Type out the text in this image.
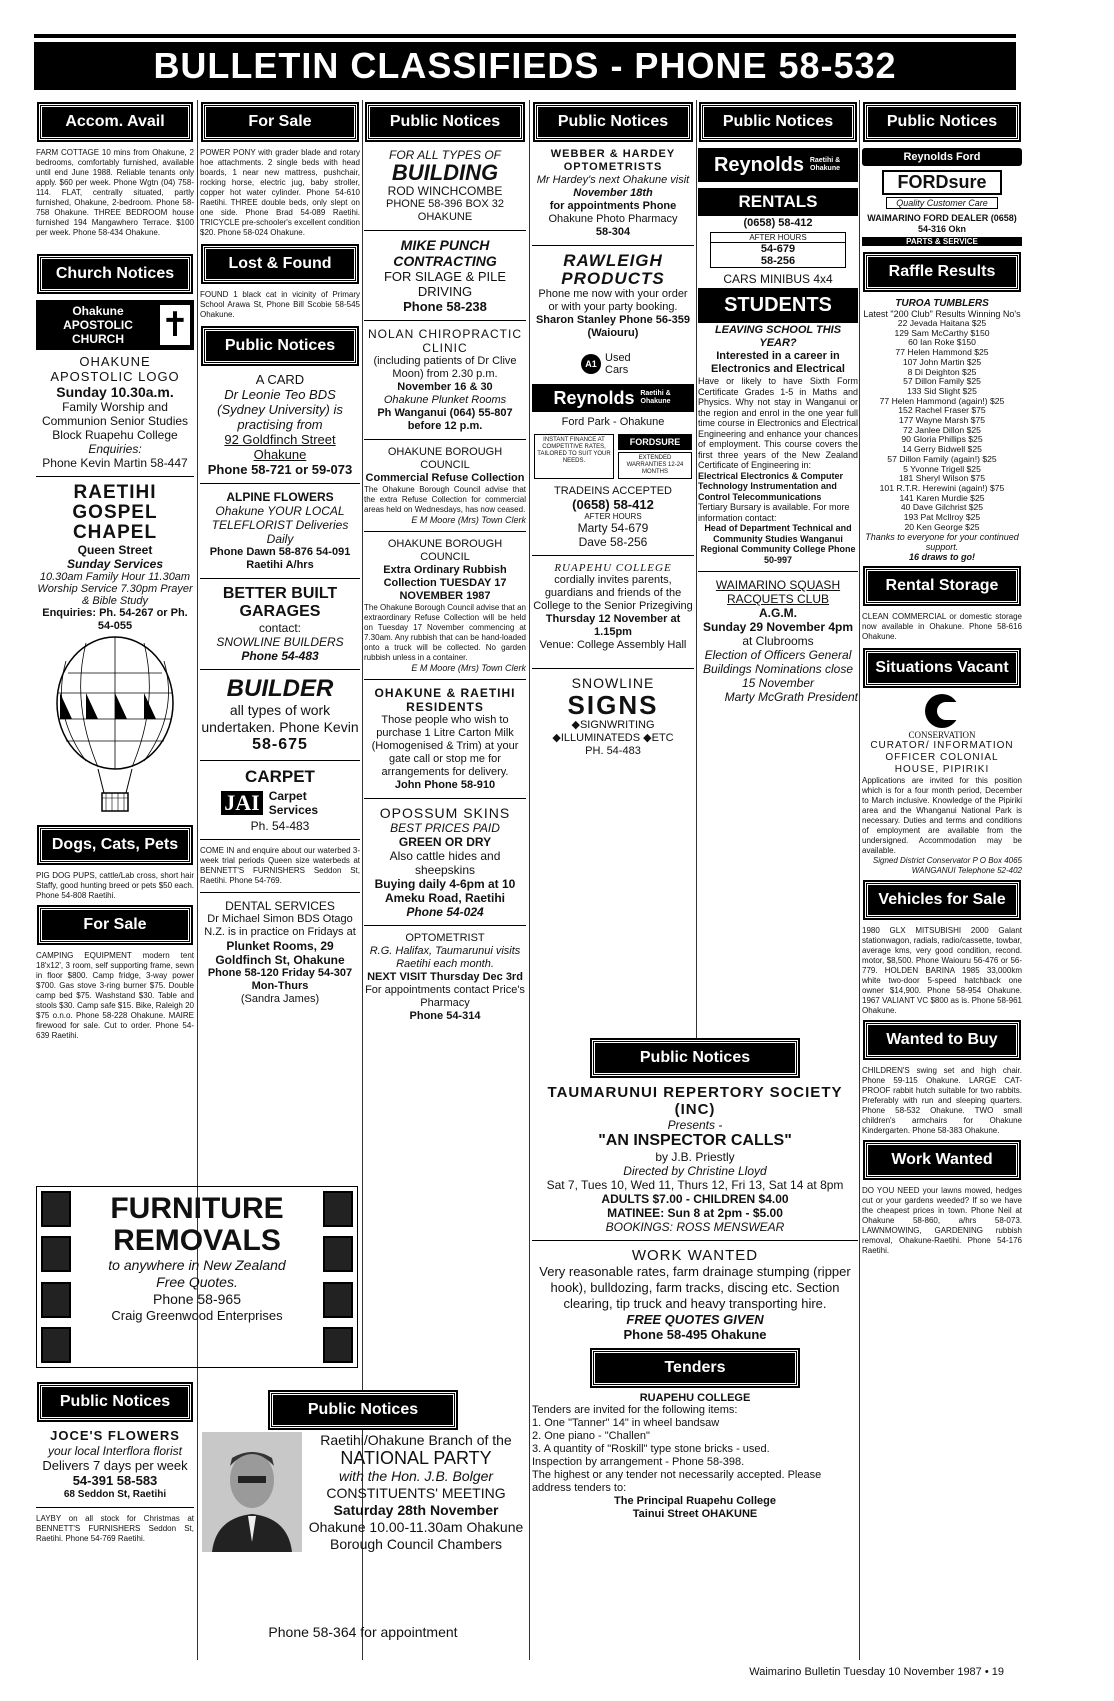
BULLETIN CLASSIFIEDS - PHONE 58-532
Accom. Avail

FARM COTTAGE 10 mins from Ohakune, 2 bedrooms, comfortably furnished, available until end June 1988. Reliable tenants only apply. $60 per week. Phone Wgtn (04) 758-114. FLAT, centrally situated, partly furnished, Ohakune, 2-bedroom. Phone 58-758 Ohakune. THREE BEDROOM house furnished 194 Mangawhero Terrace. $100 per week. Phone 58-434 Ohakune.

Church Notices
Ohakune APOSTOLIC CHURCH	✝

OHAKUNE APOSTOLIC LOGO

Sunday 10.30a.m.

Family Worship and Communion Senior Studies Block Ruapehu College

Enquiries:

Phone Kevin Martin 58-447

RAETIHI GOSPEL CHAPEL

Queen Street

Sunday Services

10.30am Family Hour 11.30am Worship Service 7.30pm Prayer & Bible Study

Enquiries: Ph. 54-267 or Ph. 54-055

Dogs, Cats, Pets

PIG DOG PUPS, cattle/Lab cross, short hair Staffy, good hunting breed or pets $50 each. Phone 54-808 Raetihi.

For Sale

CAMPING EQUIPMENT modern tent 18'x12', 3 room, self supporting frame, sewn in floor $800. Camp fridge, 3-way power $700. Gas stove 3-ring burner $75. Double camp bed $75. Washstand $30. Table and stools $30. Camp safe $15. Bike, Raleigh 20 $75 o.n.o. Phone 58-228 Ohakune. MAIRE firewood for sale. Cut to order. Phone 54-639 Raetihi.

FURNITURE

REMOVALS

to anywhere in New Zealand

Free Quotes.

Phone 58-965

Craig Greenwood Enterprises

Public Notices

JOCE'S FLOWERS

your local Interflora florist

Delivers 7 days per week

54-391 58-583

68 Seddon St, Raetihi

LAYBY on all stock for Christmas at BENNETT'S FURNISHERS Seddon St, Raetihi. Phone 54-769 Raetihi.

For Sale

POWER PONY with grader blade and rotary hoe attachments. 2 single beds with head boards, 1 near new mattress, pushchair, rocking horse, electric jug, baby stroller, copper hot water cylinder. Phone 54-610 Raetihi. THREE double beds, only slept on one side. Phone Brad 54-089 Raetihi. TRICYCLE pre-schooler's excellent condition $20. Phone 58-024 Ohakune.

Lost & Found

FOUND 1 black cat in vicinity of Primary School Arawa St, Phone Bill Scobie 58-545 Ohakune.

Public Notices

A CARD

Dr Leonie Teo BDS (Sydney University) is practising from

92 Goldfinch Street Ohakune

Phone 58-721 or 59-073

ALPINE FLOWERS

Ohakune YOUR LOCAL TELEFLORIST Deliveries Daily

Phone Dawn 58-876 54-091 Raetihi A/hrs

BETTER BUILT GARAGES

contact:

SNOWLINE BUILDERS

Phone 54-483

BUILDER

all types of work undertaken. Phone Kevin

58-675

CARPET

JAI Carpet Services

Ph. 54-483

COME IN and enquire about our waterbed 3-week trial periods Queen size waterbeds at BENNETT'S FURNISHERS Seddon St, Raetihi. Phone 54-769.

DENTAL SERVICES

Dr Michael Simon BDS Otago N.Z. is in practice on Fridays at

Plunket Rooms, 29 Goldfinch St, Ohakune

Phone 58-120 Friday 54-307 Mon-Thurs

(Sandra James)

Public Notices

FOR ALL TYPES OF

BUILDING

ROD WINCHCOMBE

PHONE 58-396 BOX 32 OHAKUNE

MIKE PUNCH CONTRACTING

FOR SILAGE & PILE DRIVING

Phone 58-238

NOLAN CHIROPRACTIC CLINIC

(including patients of Dr Clive Moon) from 2.30 p.m.

November 16 & 30

Ohakune Plunket Rooms

Ph Wanganui (064) 55-807 before 12 p.m.

OHAKUNE BOROUGH COUNCIL

Commercial Refuse Collection

The Ohakune Borough Council advise that the extra Refuse Collection for commercial areas held on Wednesdays, has now ceased.

E M Moore (Mrs) Town Clerk

OHAKUNE BOROUGH COUNCIL

Extra Ordinary Rubbish Collection TUESDAY 17 NOVEMBER 1987

The Ohakune Borough Council advise that an extraordinary Refuse Collection will be held on Tuesday 17 November commencing at 7.30am. Any rubbish that can be hand-loaded onto a truck will be collected. No garden rubbish unless in a container.

E M Moore (Mrs) Town Clerk

OHAKUNE & RAETIHI RESIDENTS

Those people who wish to purchase 1 Litre Carton Milk (Homogenised & Trim) at your gate call or stop me for arrangements for delivery.

John Phone 58-910

OPOSSUM SKINS

BEST PRICES PAID

GREEN OR DRY

Also cattle hides and sheepskins

Buying daily 4-6pm at 10 Ameku Road, Raetihi

Phone 54-024

OPTOMETRIST

R.G. Halifax, Taumarunui visits Raetihi each month.

NEXT VISIT Thursday Dec 3rd

For appointments contact Price's Pharmacy

Phone 54-314

Public Notices

WEBBER & HARDEY OPTOMETRISTS

Mr Hardey's next Ohakune visit

November 18th

for appointments Phone

Ohakune Photo Pharmacy

58-304

RAWLEIGH PRODUCTS

Phone me now with your order or with your party booking.

Sharon Stanley Phone 56-359 (Waiouru)

A1 Used Cars

Reynolds Raetihi & Ohakune

Ford Park - Ohakune

INSTANT FINANCE AT COMPETITIVE RATES, TAILORED TO SUIT YOUR NEEDS.
FORDSURE
EXTENDED WARRANTIES 12-24 MONTHS

TRADEINS ACCEPTED

(0658) 58-412

AFTER HOURS

Marty 54-679

Dave 58-256

RUAPEHU COLLEGE

cordially invites parents, guardians and friends of the College to the Senior Prizegiving

Thursday 12 November at 1.15pm

Venue: College Assembly Hall

SNOWLINE

SIGNS

◆SIGNWRITING ◆ILLUMINATEDS ◆ETC

PH. 54-483

Public Notices
Reynolds Raetihi & Ohakune
RENTALS

(0658) 58-412

AFTER HOURS

54-679

58-256

CARS MINIBUS 4x4

STUDENTS

LEAVING SCHOOL THIS YEAR?

Interested in a career in Electronics and Electrical

Have or likely to have Sixth Form Certificate Grades 1-5 in Maths and Physics. Why not stay in Wanganui or the region and enrol in the one year full time course in Electronics and Electrical Engineering and enhance your chances of employment. This course covers the first three years of the New Zealand Certificate of Engineering in:

Electrical Electronics & Computer Technology Instrumentation and Control Telecommunications

Tertiary Bursary is available. For more information contact:

Head of Department Technical and Community Studies Wanganui Regional Community College Phone 50-997

WAIMARINO SQUASH RACQUETS CLUB

A.G.M.

Sunday 29 November 4pm

at Clubrooms

Election of Officers General Buildings Nominations close 15 November

Marty McGrath President

Public Notices

TAUMARUNUI REPERTORY SOCIETY (INC)

Presents -

"AN INSPECTOR CALLS"

by J.B. Priestly

Directed by Christine Lloyd

Sat 7, Tues 10, Wed 11, Thurs 12, Fri 13, Sat 14 at 8pm

ADULTS $7.00 - CHILDREN $4.00

MATINEE: Sun 8 at 2pm - $5.00

BOOKINGS: ROSS MENSWEAR

WORK WANTED

Very reasonable rates, farm drainage stumping (ripper hook), bulldozing, farm tracks, discing etc. Section clearing, tip truck and heavy transporting hire.

FREE QUOTES GIVEN

Phone 58-495 Ohakune

Tenders

RUAPEHU COLLEGE

Tenders are invited for the following items:

1. One "Tanner" 14" in wheel bandsaw

2. One piano - "Challen"

3. A quantity of "Roskill" type stone bricks - used.

Inspection by arrangement - Phone 58-398.

The highest or any tender not necessarily accepted. Please address tenders to:

The Principal Ruapehu College Tainui Street OHAKUNE

Public Notices

Raetihi/Ohakune Branch of the

NATIONAL PARTY

with the Hon. J.B. Bolger

CONSTITUENTS' MEETING

Saturday 28th November

Ohakune 10.00-11.30am Ohakune Borough Council Chambers

Phone 58-364 for appointment

Public Notices
Reynolds Ford
FORDsure

Quality Customer Care

WAIMARINO FORD DEALER (0658) 54-316 Okn

PARTS & SERVICE
Raffle Results

TUROA TUMBLERS

Latest "200 Club" Results Winning No's

22 Jevada Haitana $25
129 Sam McCarthy $150
60 Ian Roke $150
77 Helen Hammond $25
107 John Martin $25
8 Di Deighton $25
57 Dillon Family $25
133 Sid Slight $25
77 Helen Hammond (again!) $25
152 Rachel Fraser $75
177 Wayne Marsh $75
72 Janlee Dillon $25
90 Gloria Phillips $25
14 Gerry Bidwell $25
57 Dillon Family (again!) $25
5 Yvonne Trigell $25
181 Sheryl Wilson $75
101 R.T.R. Herewini (again!) $75
141 Karen Murdie $25
40 Dave Gilchrist $25
193 Pat McIlroy $25
20 Ken George $25

Thanks to everyone for your continued support.

16 draws to go!

Rental Storage

CLEAN COMMERCIAL or domestic storage now available in Ohakune. Phone 58-616 Ohakune.

Situations Vacant

CONSERVATION

CURATOR/ INFORMATION OFFICER COLONIAL HOUSE, PIPIRIKI

Applications are invited for this position which is for a four month period, December to March inclusive. Knowledge of the Pipiriki area and the Whanganui National Park is necessary. Duties and terms and conditions of employment are available from the undersigned. Accommodation may be available.

Signed District Conservator P O Box 4065 WANGANUI Telephone 52-402

Vehicles for Sale

1980 GLX MITSUBISHI 2000 Galant stationwagon, radials, radio/cassette, towbar, average kms, very good condition, recond. motor, $8,500. Phone Waiouru 56-476 or 56-779. HOLDEN BARINA 1985 33,000km white two-door 5-speed hatchback one owner $14,900. Phone 58-954 Ohakune. 1967 VALIANT VC $800 as is. Phone 58-961 Ohakune.

Wanted to Buy

CHILDREN'S swing set and high chair. Phone 59-115 Ohakune. LARGE CAT-PROOF rabbit hutch suitable for two rabbits. Preferably with run and sleeping quarters. Phone 58-532 Ohakune. TWO small children's armchairs for Ohakune Kindergarten. Phone 58-383 Ohakune.

Work Wanted

DO YOU NEED your lawns mowed, hedges cut or your gardens weeded? If so we have the cheapest prices in town. Phone Neil at Ohakune 58-860, a/hrs 58-073. LAWNMOWING, GARDENING rubbish removal, Ohakune-Raetihi. Phone 54-176 Raetihi.

Waimarino Bulletin Tuesday 10 November 1987 • 19
